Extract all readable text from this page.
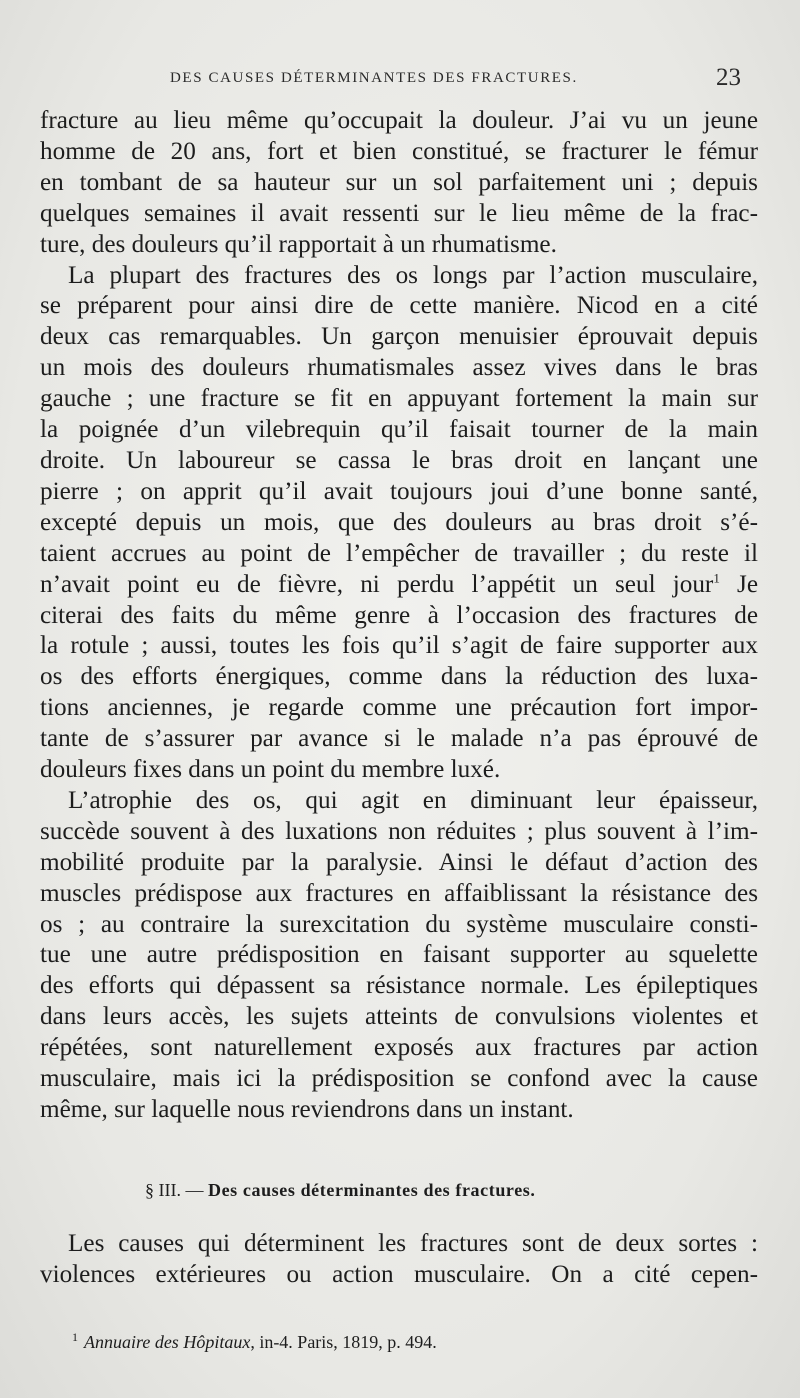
DES CAUSES DÉTERMINANTES DES FRACTURES.	23

fracture au lieu même qu’occupait la douleur. J’ai vu un jeune
homme de 20 ans, fort et bien constitué, se fracturer le fémur
en tombant de sa hauteur sur un sol parfaitement uni ; depuis
quelques semaines il avait ressenti sur le lieu même de la frac-
ture, des douleurs qu’il rapportait à un rhumatisme.

La plupart des fractures des os longs par l’action musculaire,
se préparent pour ainsi dire de cette manière. Nicod en a cité
deux cas remarquables. Un garçon menuisier éprouvait depuis
un mois des douleurs rhumatismales assez vives dans le bras
gauche ; une fracture se fit en appuyant fortement la main sur
la poignée d’un vilebrequin qu’il faisait tourner de la main
droite. Un laboureur se cassa le bras droit en lançant une
pierre ; on apprit qu’il avait toujours joui d’une bonne santé,
excepté depuis un mois, que des douleurs au bras droit s’é-
taient accrues au point de l’empêcher de travailler ; du reste il
n’avait point eu de fièvre, ni perdu l’appétit un seul jour$^1$ Je
citerai des faits du même genre à l’occasion des fractures de
la rotule ; aussi, toutes les fois qu’il s’agit de faire supporter aux
os des efforts énergiques, comme dans la réduction des luxa-
tions anciennes, je regarde comme une précaution fort impor-
tante de s’assurer par avance si le malade n’a pas éprouvé de
douleurs fixes dans un point du membre luxé.

L’atrophie des os, qui agit en diminuant leur épaisseur,
succède souvent à des luxations non réduites ; plus souvent à l’im-
mobilité produite par la paralysie. Ainsi le défaut d’action des
muscles prédispose aux fractures en affaiblissant la résistance des
os ; au contraire la surexcitation du système musculaire consti-
tue une autre prédisposition en faisant supporter au squelette
des efforts qui dépassent sa résistance normale. Les épileptiques
dans leurs accès, les sujets atteints de convulsions violentes et
répétées, sont naturellement exposés aux fractures par action
musculaire, mais ici la prédisposition se confond avec la cause
même, sur laquelle nous reviendrons dans un instant.

§ III. — Des causes déterminantes des fractures.
Les causes qui déterminent les fractures sont de deux sortes :
violences extérieures ou action musculaire. On a cité cepen-
$^1$ Annuaire des Hôpitaux, in-4. Paris, 1819, p. 494.
